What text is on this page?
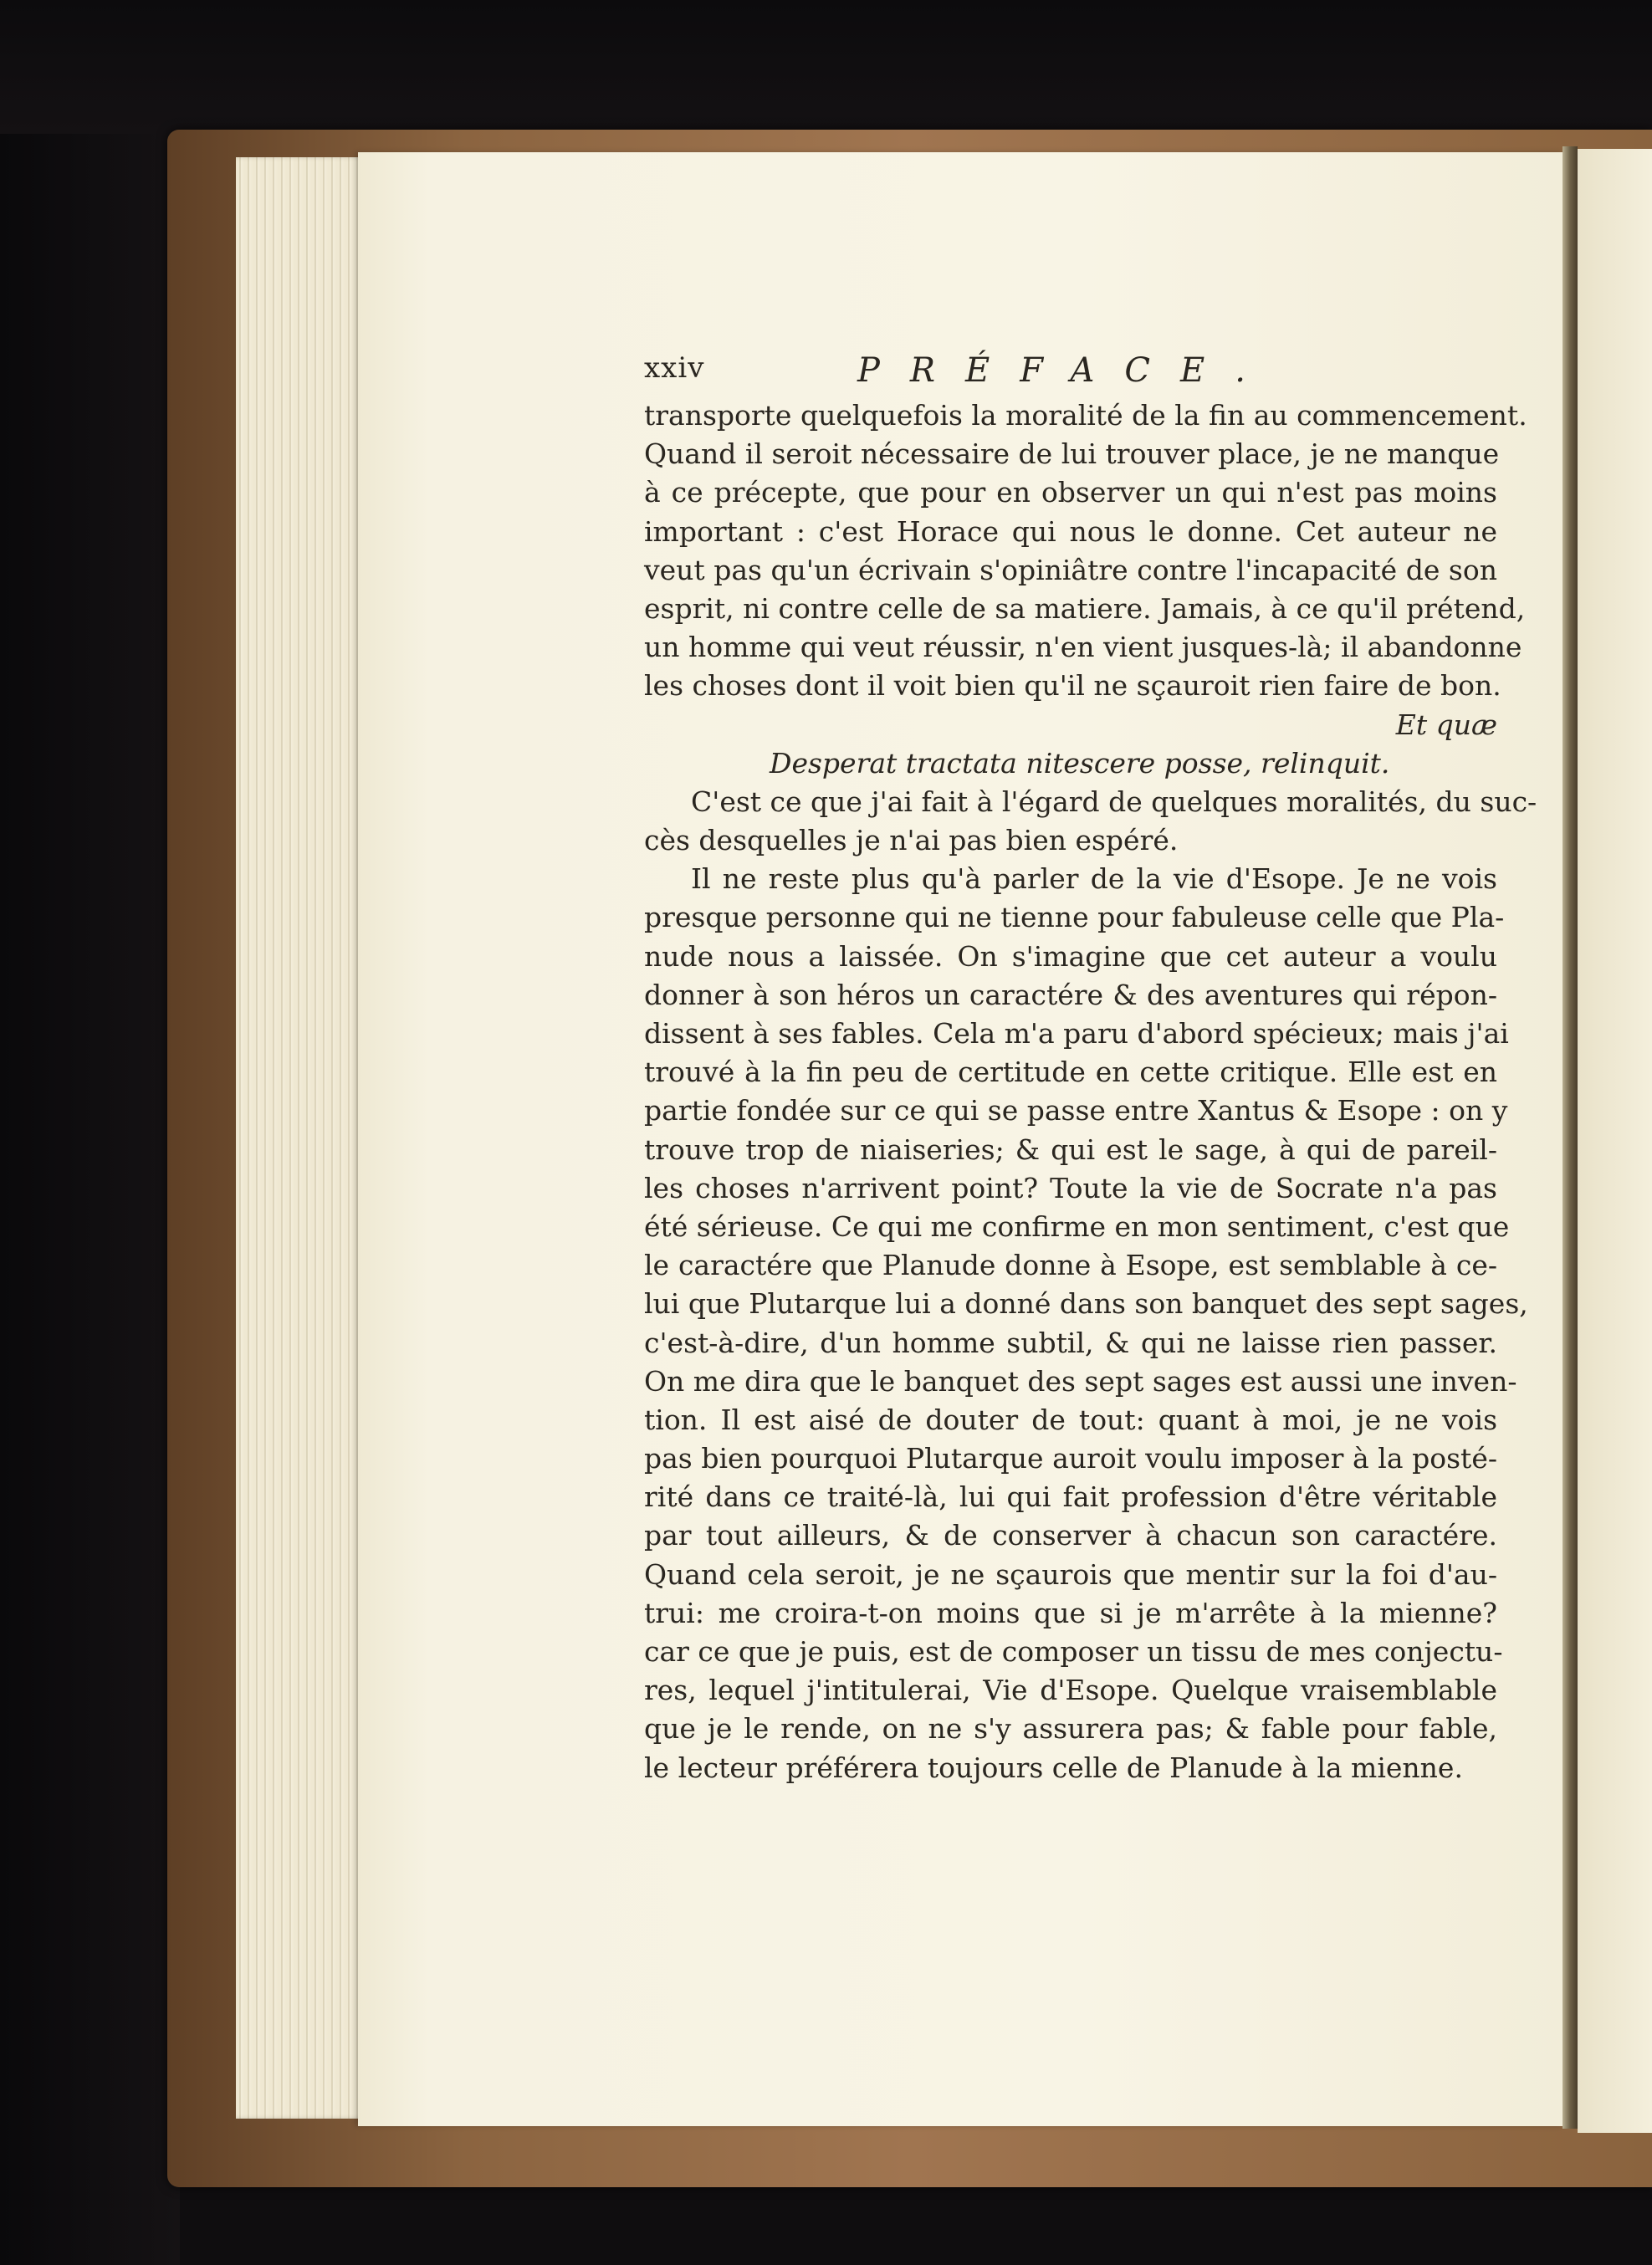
xxiv	PRÉFACE.
transporte quelquefois la moralité de la fin au commencement.
Quand il seroit nécessaire de lui trouver place, je ne manque
à ce précepte, que pour en observer un qui n'est pas moins
important : c'est Horace qui nous le donne. Cet auteur ne
veut pas qu'un écrivain s'opiniâtre contre l'incapacité de son
esprit, ni contre celle de sa matiere. Jamais, à ce qu'il prétend,
un homme qui veut réussir, n'en vient jusques-là; il abandonne
les choses dont il voit bien qu'il ne sçauroit rien faire de bon.
Et quæ
Desperat tractata nitescere posse, relinquit.
C'est ce que j'ai fait à l'égard de quelques moralités, du suc-
cès desquelles je n'ai pas bien espéré.
Il ne reste plus qu'à parler de la vie d'Esope. Je ne vois
presque personne qui ne tienne pour fabuleuse celle que Pla-
nude nous a laissée. On s'imagine que cet auteur a voulu
donner à son héros un caractére & des aventures qui répon-
dissent à ses fables. Cela m'a paru d'abord spécieux; mais j'ai
trouvé à la fin peu de certitude en cette critique. Elle est en
partie fondée sur ce qui se passe entre Xantus & Esope : on y
trouve trop de niaiseries; & qui est le sage, à qui de pareil-
les choses n'arrivent point? Toute la vie de Socrate n'a pas
été sérieuse. Ce qui me confirme en mon sentiment, c'est que
le caractére que Planude donne à Esope, est semblable à ce-
lui que Plutarque lui a donné dans son banquet des sept sages,
c'est-à-dire, d'un homme subtil, & qui ne laisse rien passer.
On me dira que le banquet des sept sages est aussi une inven-
tion. Il est aisé de douter de tout: quant à moi, je ne vois
pas bien pourquoi Plutarque auroit voulu imposer à la posté-
rité dans ce traité-là, lui qui fait profession d'être véritable
par tout ailleurs, & de conserver à chacun son caractére.
Quand cela seroit, je ne sçaurois que mentir sur la foi d'au-
trui: me croira-t-on moins que si je m'arrête à la mienne?
car ce que je puis, est de composer un tissu de mes conjectu-
res, lequel j'intitulerai, Vie d'Esope. Quelque vraisemblable
que je le rende, on ne s'y assurera pas; & fable pour fable,
le lecteur préférera toujours celle de Planude à la mienne.
